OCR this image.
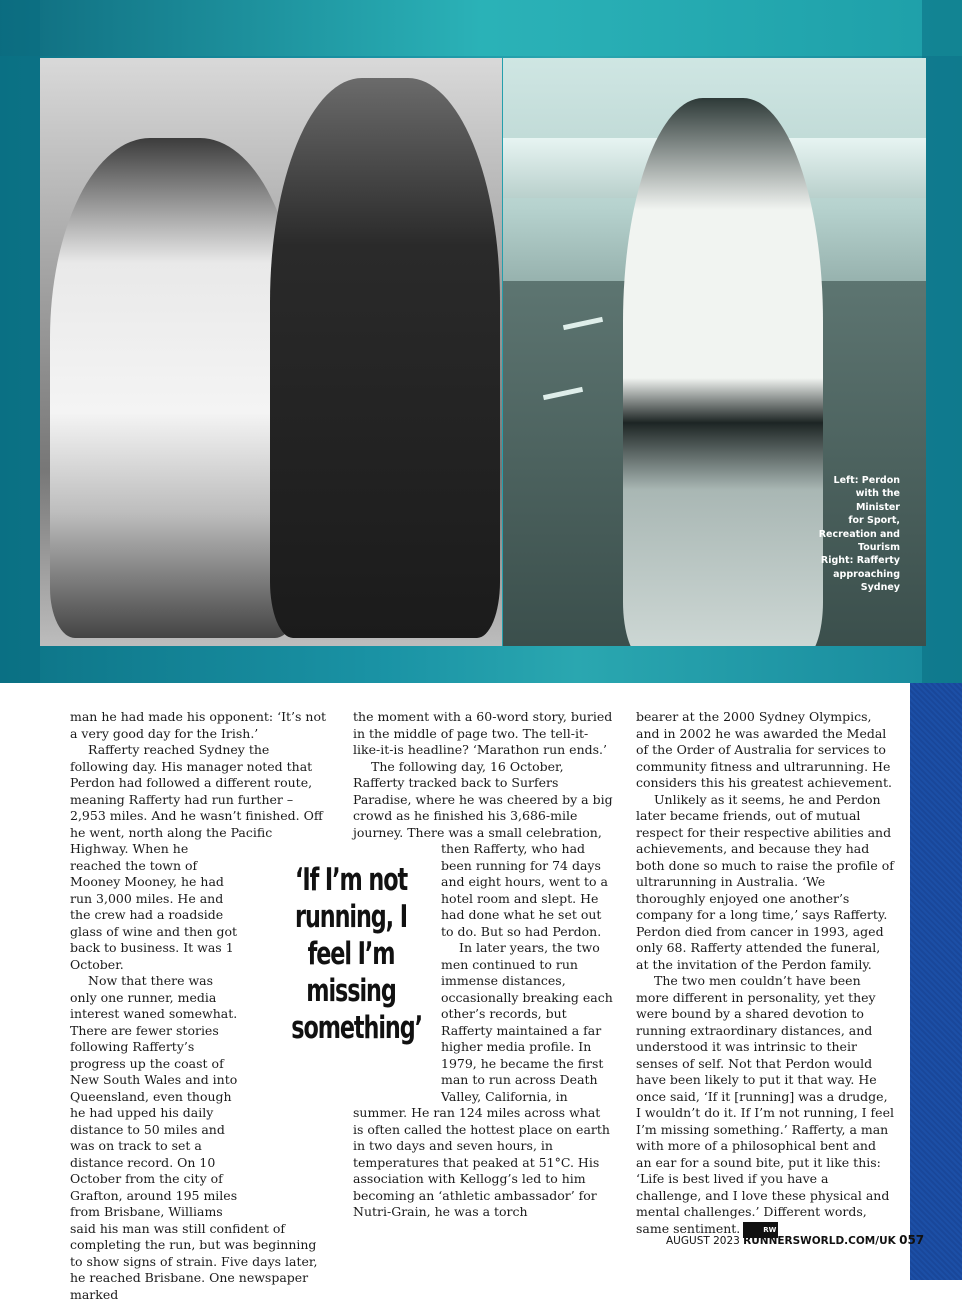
Left: Perdon
with the
Minister
for Sport,
Recreation and
Tourism
Right: Rafferty
approaching
Sydney

man he had made his opponent: ‘It’s not a very good day for the Irish.’

Rafferty reached Sydney the following day. His manager noted that Perdon had followed a different route, meaning Rafferty had run further – 2,953 miles. And he wasn’t finished. Off he went, north along the Pacific Highway. When he reached the town of Mooney Mooney, he had run 3,000 miles. He and the crew had a roadside glass of wine and then got back to business. It was 1 October.

Now that there was only one runner, media interest waned somewhat. There are fewer stories following Rafferty’s progress up the coast of New South Wales and into Queensland, even though he had upped his daily distance to 50 miles and was on track to set a distance record. On 10 October from the city of Grafton, around 195 miles from Brisbane, Williams said his man was still confident of completing the run, but was beginning to show signs of strain. Five days later, he reached Brisbane. One newspaper marked

the moment with a 60-word story, buried in the middle of page two. The tell-it-like-it-is headline? ‘Marathon run ends.’

The following day, 16 October, Rafferty tracked back to Surfers Paradise, where he was cheered by a big crowd as he finished his 3,686-mile journey. There was a small celebration, then Rafferty, who had been running for 74 days and eight hours, went to a hotel room and slept. He had done what he set out to do. But so had Perdon.

In later years, the two men continued to run immense distances, occasionally breaking each other’s records, but Rafferty maintained a far higher media profile. In 1979, he became the first man to run across Death Valley, California, in summer. He ran 124 miles across what is often called the hottest place on earth in two days and seven hours, in temperatures that peaked at 51°C. His association with Kellogg’s led to him becoming an ‘athletic ambassador’ for Nutri-Grain, he was a torch

bearer at the 2000 Sydney Olympics, and in 2002 he was awarded the Medal of the Order of Australia for services to community fitness and ultrarunning. He considers this his greatest achievement.

Unlikely as it seems, he and Perdon later became friends, out of mutual respect for their respective abilities and achievements, and because they had both done so much to raise the profile of ultrarunning in Australia. ‘We thoroughly enjoyed one another’s company for a long time,’ says Rafferty. Perdon died from cancer in 1993, aged only 68. Rafferty attended the funeral, at the invitation of the Perdon family.

The two men couldn’t have been more different in personality, yet they were bound by a shared devotion to running extraordinary distances, and understood it was intrinsic to their senses of self. Not that Perdon would have been likely to put it that way. He once said, ‘If it [running] was a drudge, I wouldn’t do it. If I’m not running, I feel I’m missing something.’ Rafferty, a man with more of a philosophical bent and an ear for a sound bite, put it like this: ‘Life is best lived if you have a challenge, and I love these physical and mental challenges.’ Different words, same sentiment.	RW

‘If I’m not running, I feel I’m missing something’
AUGUST 2023 RUNNERSWORLD.COM/UK 057
